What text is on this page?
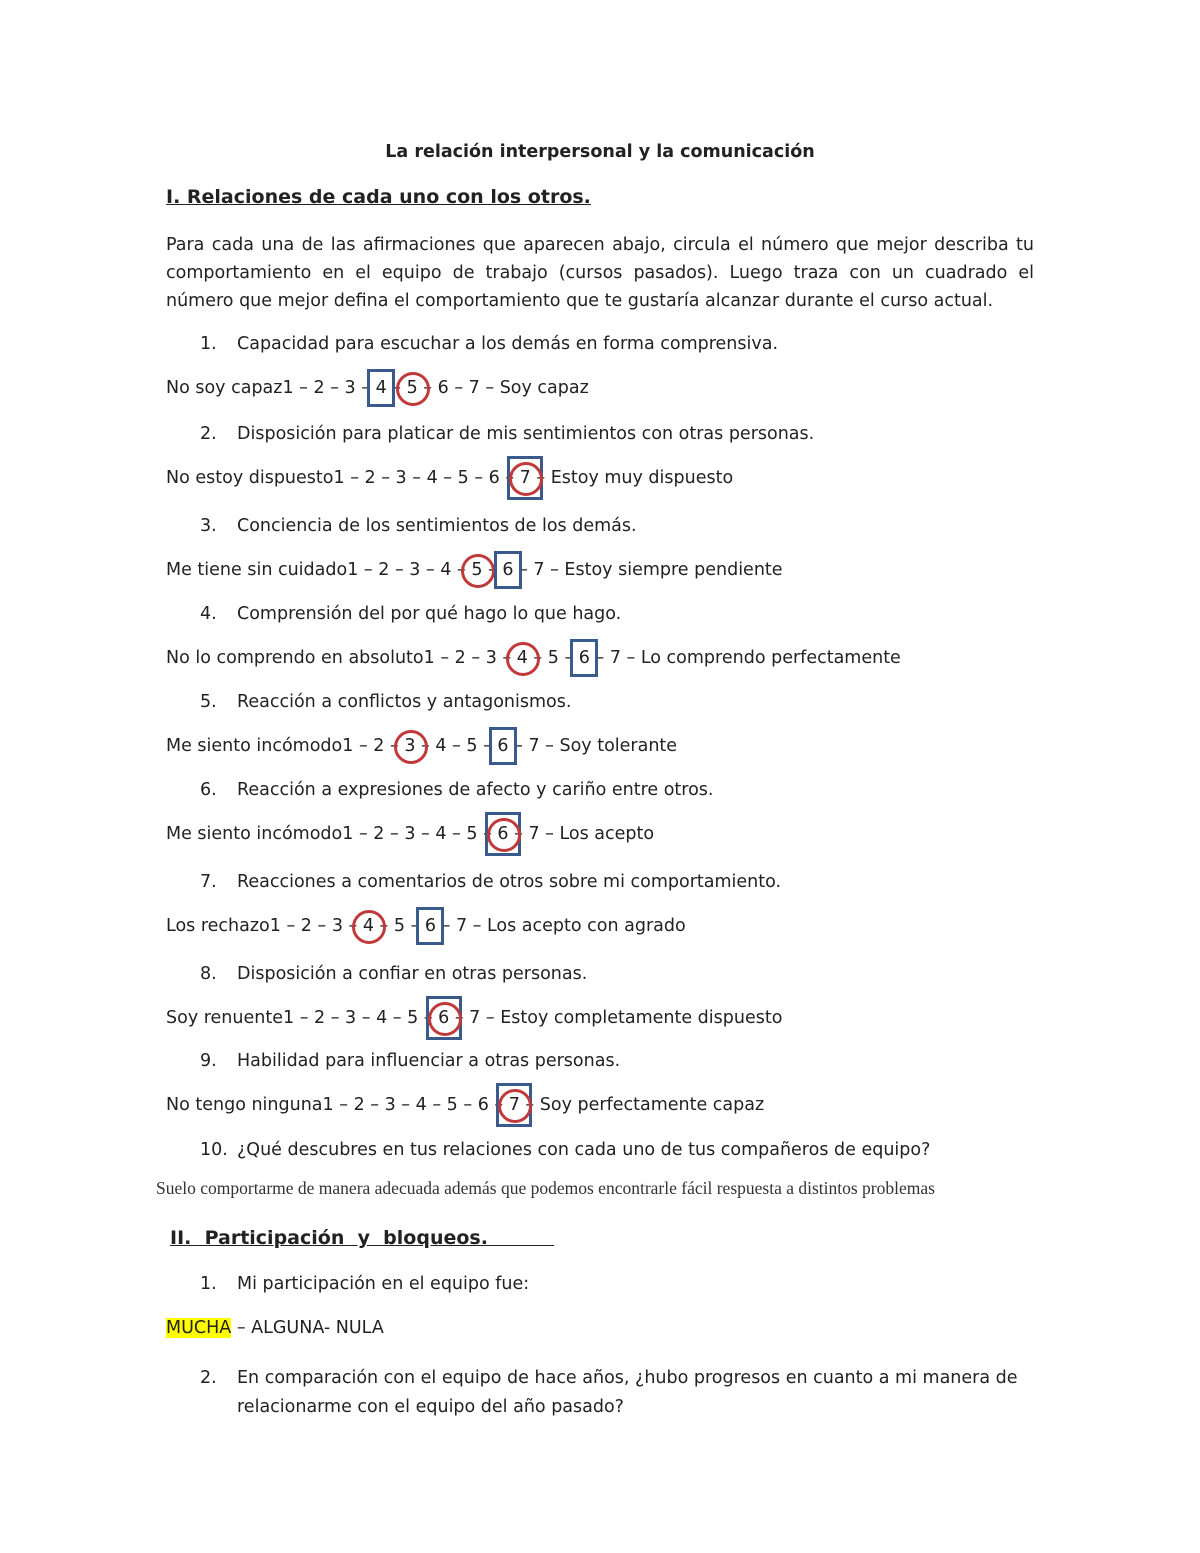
La relación interpersonal y la comunicación
I. Relaciones de cada uno con los otros.
Para cada una de las afirmaciones que aparecen abajo, circula el número que mejor describa tu comportamiento en el equipo de trabajo (cursos pasados). Luego traza con un cuadrado el número que mejor defina el comportamiento que te gustaría alcanzar durante el curso actual.
1. Capacidad para escuchar a los demás en forma comprensiva.
No soy capaz 1 – 2 – 3 – 4 – 5 – 6 – 7 – Soy capaz
2. Disposición para platicar de mis sentimientos con otras personas.
No estoy dispuesto 1 – 2 – 3 – 4 – 5 – 6 – 7 – Estoy muy dispuesto
3. Conciencia de los sentimientos de los demás.
Me tiene sin cuidado 1 – 2 – 3 – 4 – 5 – 6 – 7 – Estoy siempre pendiente
4. Comprensión del por qué hago lo que hago.
No lo comprendo en absoluto 1 – 2 – 3 – 4 – 5 – 6 – 7 – Lo comprendo perfectamente
5. Reacción a conflictos y antagonismos.
Me siento incómodo 1 – 2 – 3 – 4 – 5 – 6 – 7 – Soy tolerante
6. Reacción a expresiones de afecto y cariño entre otros.
Me siento incómodo 1 – 2 – 3 – 4 – 5 – 6 – 7 – Los acepto
7. Reacciones a comentarios de otros sobre mi comportamiento.
Los rechazo 1 – 2 – 3 – 4 – 5 – 6 – 7 – Los acepto con agrado
8. Disposición a confiar en otras personas.
Soy renuente 1 – 2 – 3 – 4 – 5 – 6 – 7 – Estoy completamente dispuesto
9. Habilidad para influenciar a otras personas.
No tengo ninguna 1 – 2 – 3 – 4 – 5 – 6 – 7 – Soy perfectamente capaz
10. ¿Qué descubres en tus relaciones con cada uno de tus compañeros de equipo?
Suelo comportarme de manera adecuada además que podemos encontrarle fácil respuesta a distintos problemas
II.  Participación  y  bloqueos.
1. Mi participación en el equipo fue:
MUCHA – ALGUNA- NULA
2.	En comparación con el equipo de hace años, ¿hubo progresos en cuanto a mi manera de relacionarme con el equipo del año pasado?
